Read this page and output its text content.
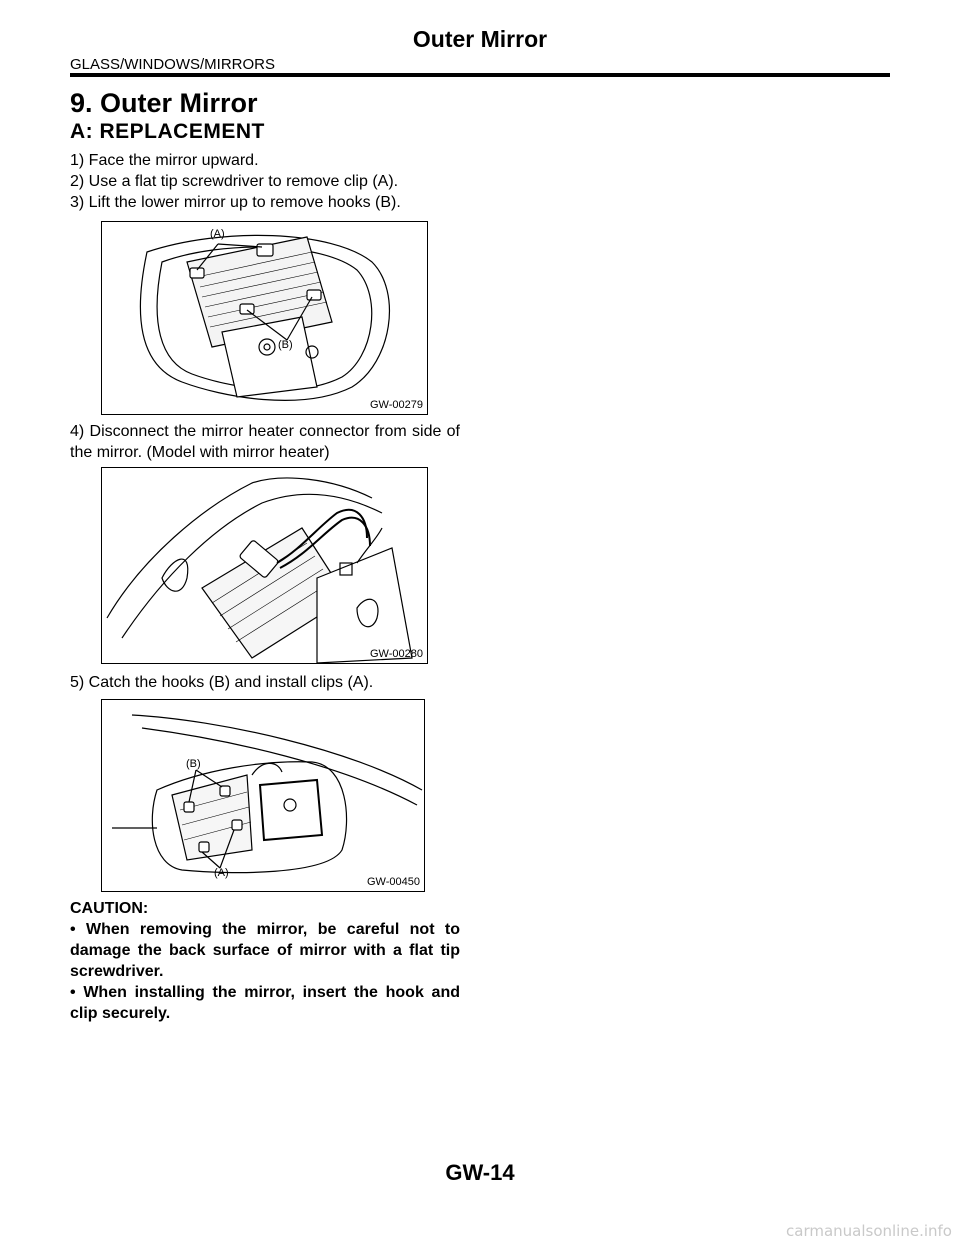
Outer Mirror
GLASS/WINDOWS/MIRRORS
9. Outer Mirror
A: REPLACEMENT
1) Face the mirror upward.
2) Use a flat tip screwdriver to remove clip (A).
3) Lift the lower mirror up to remove hooks (B).
(A)
(B)
GW-00279
4) Disconnect the mirror heater connector from side of the mirror. (Model with mirror heater)
GW-00280
5) Catch the hooks (B) and install clips (A).
(B)
(A)
GW-00450

CAUTION:

• When removing the mirror, be careful not to damage the back surface of mirror with a flat tip screwdriver.

• When installing the mirror, insert the hook and clip securely.

GW-14
carmanualsonline.info
